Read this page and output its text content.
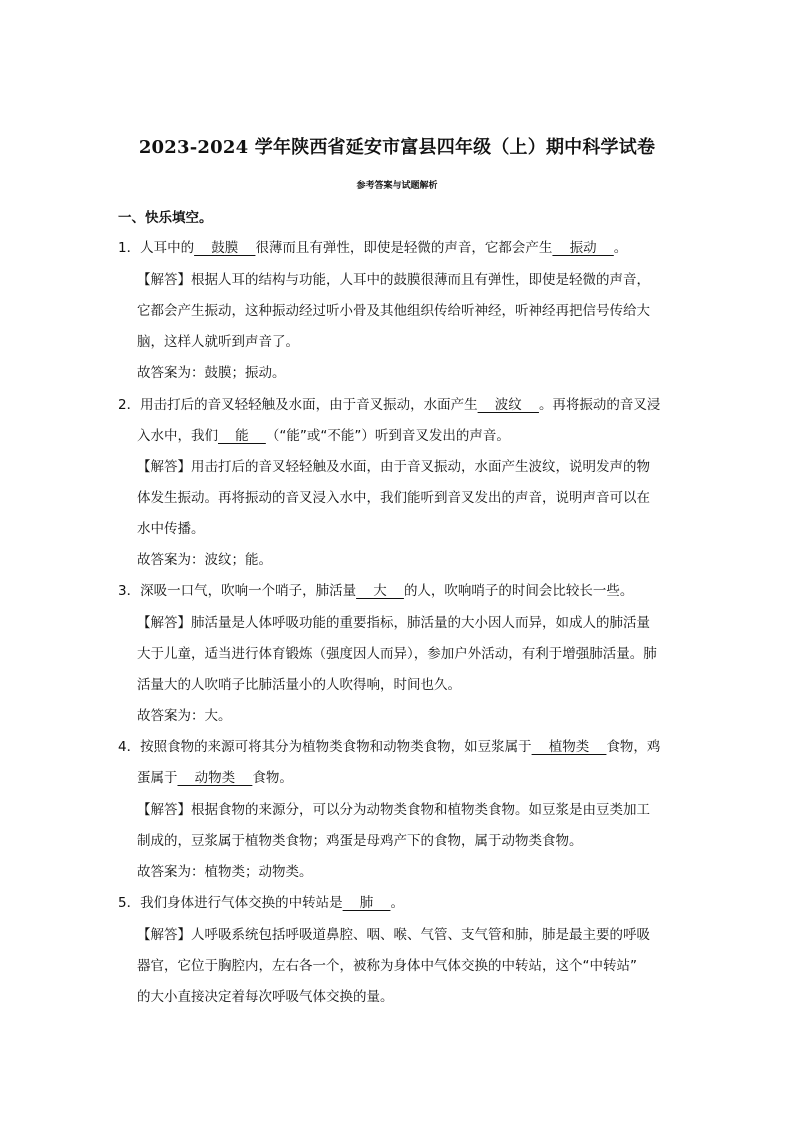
2023-2024 学年陕西省延安市富县四年级（上）期中科学试卷
参考答案与试题解析
一、快乐填空。
1．人耳中的    鼓膜    很薄而且有弹性，即使是轻微的声音，它都会产生    振动    。
【解答】根据人耳的结构与功能，人耳中的鼓膜很薄而且有弹性，即使是轻微的声音，
它都会产生振动，这种振动经过听小骨及其他组织传给听神经，听神经再把信号传给大
脑，这样人就听到声音了。
故答案为：鼓膜；振动。
2．用击打后的音叉轻轻触及水面，由于音叉振动，水面产生    波纹    。再将振动的音叉浸
入水中，我们    能    （“能”或“不能”）听到音叉发出的声音。
【解答】用击打后的音叉轻轻触及水面，由于音叉振动，水面产生波纹，说明发声的物
体发生振动。再将振动的音叉浸入水中，我们能听到音叉发出的声音，说明声音可以在
水中传播。
故答案为：波纹；能。
3．深吸一口气，吹响一个哨子，肺活量    大    的人，吹响哨子的时间会比较长一些。
【解答】肺活量是人体呼吸功能的重要指标，肺活量的大小因人而异，如成人的肺活量
大于儿童，适当进行体育锻炼（强度因人而异），参加户外活动，有利于增强肺活量。肺
活量大的人吹哨子比肺活量小的人吹得响，时间也久。
故答案为：大。
4．按照食物的来源可将其分为植物类食物和动物类食物，如豆浆属于    植物类    食物，鸡
蛋属于    动物类    食物。
【解答】根据食物的来源分，可以分为动物类食物和植物类食物。如豆浆是由豆类加工
制成的，豆浆属于植物类食物；鸡蛋是母鸡产下的食物，属于动物类食物。
故答案为：植物类；动物类。
5．我们身体进行气体交换的中转站是    肺    。
【解答】人呼吸系统包括呼吸道鼻腔、咽、喉、气管、支气管和肺，肺是最主要的呼吸
器官，它位于胸腔内，左右各一个，被称为身体中气体交换的中转站，这个“中转站”
的大小直接决定着每次呼吸气体交换的量。
